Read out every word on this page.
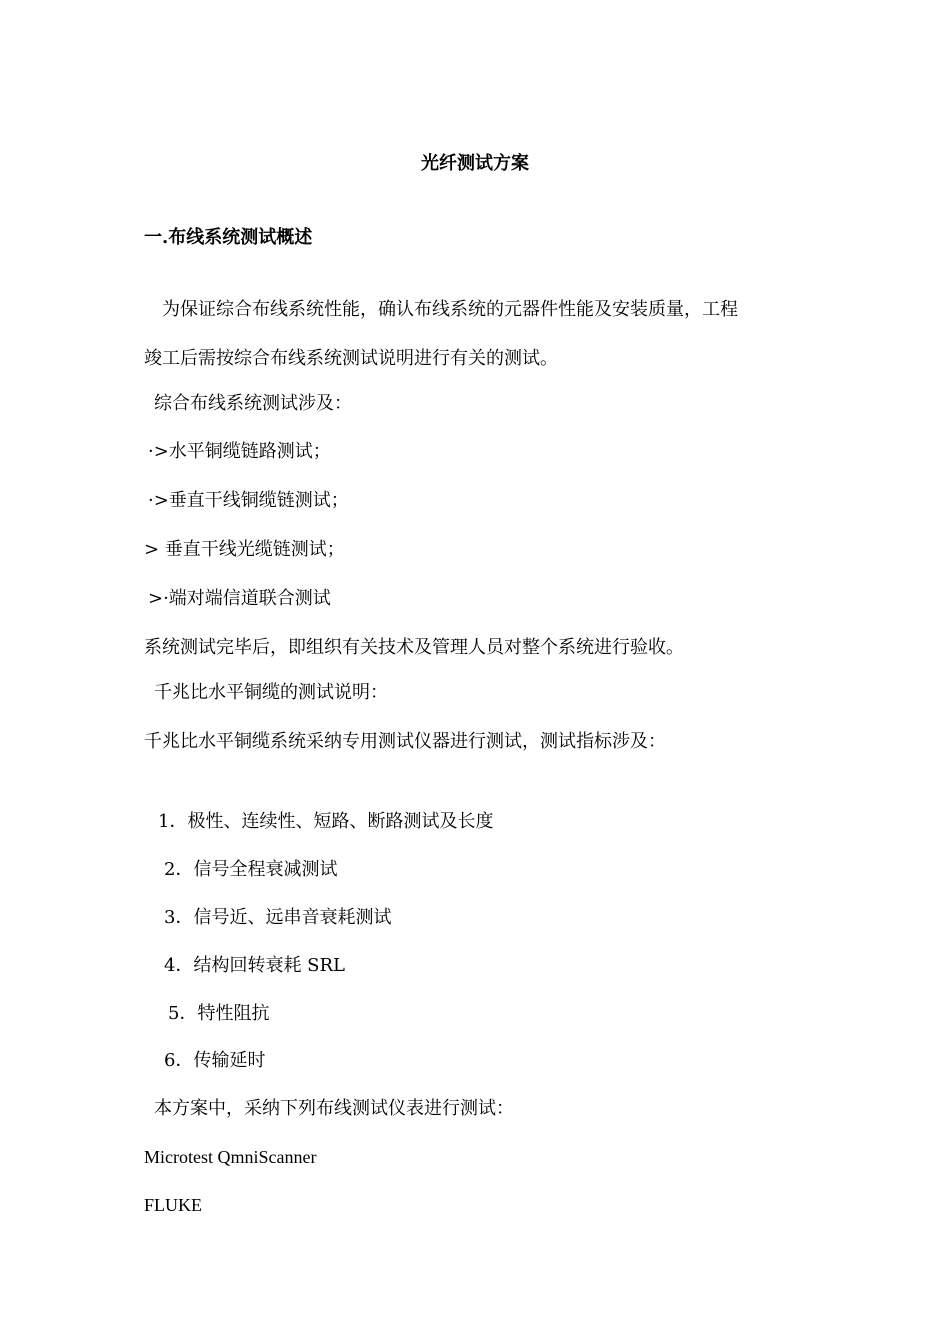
光纤测试方案
一.布线系统测试概述
为保证综合布线系统性能，确认布线系统的元器件性能及安装质量，工程
竣工后需按综合布线系统测试说明进行有关的测试。
综合布线系统测试涉及：
·>水平铜缆链路测试；
·>垂直干线铜缆链测试；
> 垂直干线光缆链测试；
>·端对端信道联合测试
系统测试完毕后，即组织有关技术及管理人员对整个系统进行验收。
千兆比水平铜缆的测试说明：
千兆比水平铜缆系统采纳专用测试仪器进行测试，测试指标涉及：
1．极性、连续性、短路、断路测试及长度
2．信号全程衰减测试
3．信号近、远串音衰耗测试
4．结构回转衰耗 SRL
5．特性阻抗
6．传输延时
本方案中，采纳下列布线测试仪表进行测试：
Microtest QmniScanner
FLUKE
